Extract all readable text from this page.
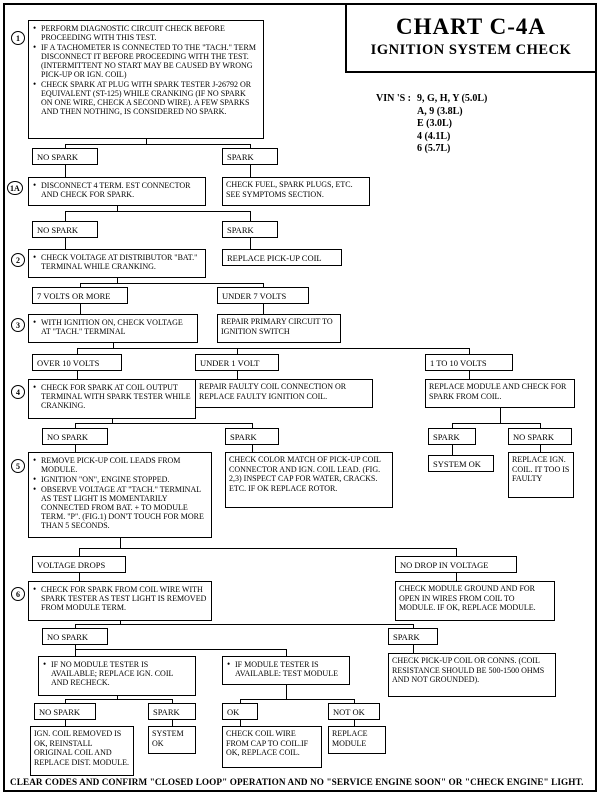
CHART C-4A
IGNITION SYSTEM CHECK
VIN 'S : 9, G, H, Y (5.0L)
A, 9 (3.8L)
E (3.0L)
4 (4.1L)
6 (5.7L)
1
1A
2
3
4
5
6
• PERFORM DIAGNOSTIC CIRCUIT CHECK BEFORE PROCEEDING WITH THIS TEST.
• IF A TACHOMETER IS CONNECTED TO THE "TACH." TERM DISCONNECT IT BEFORE PROCEEDING WITH THE TEST. (INTERMITTENT NO START MAY BE CAUSED BY WRONG PICK-UP OR IGN. COIL)
• CHECK SPARK AT PLUG WITH SPARK TESTER J-26792 OR EQUIVALENT (ST-125) WHILE CRANKING (IF NO SPARK ON ONE WIRE, CHECK A SECOND WIRE). A FEW SPARKS AND THEN NOTHING, IS CONSIDERED NO SPARK.
NO SPARK	SPARK
• DISCONNECT 4 TERM. EST CONNECTOR AND CHECK FOR SPARK.
CHECK FUEL, SPARK PLUGS, ETC. SEE SYMPTOMS SECTION.
NO SPARK	SPARK
• CHECK VOLTAGE AT DISTRIBUTOR "BAT." TERMINAL WHILE CRANKING.
REPLACE PICK-UP COIL
7 VOLTS OR MORE	UNDER 7 VOLTS
• WITH IGNITION ON, CHECK VOLTAGE AT "TACH." TERMINAL
REPAIR PRIMARY CIRCUIT TO IGNITION SWITCH
OVER 10 VOLTS	UNDER 1 VOLT	1 TO 10 VOLTS
• CHECK FOR SPARK AT COIL OUTPUT TERMINAL WITH SPARK TESTER WHILE CRANKING.
REPAIR FAULTY COIL CONNECTION OR REPLACE FAULTY IGNITION COIL.
REPLACE MODULE AND CHECK FOR SPARK FROM COIL.
NO SPARK	SPARK	SPARK	NO SPARK
• REMOVE PICK-UP COIL LEADS FROM MODULE.
• IGNITION "ON", ENGINE STOPPED.
• OBSERVE VOLTAGE AT "TACH." TERMINAL AS TEST LIGHT IS MOMENTARILY CONNECTED FROM BAT. + TO MODULE TERM. "P". (FIG.1) DON'T TOUCH FOR MORE THAN 5 SECONDS.
CHECK COLOR MATCH OF PICK-UP COIL CONNECTOR AND IGN. COIL LEAD. (FIG. 2,3) INSPECT CAP FOR WATER, CRACKS. ETC. IF OK REPLACE ROTOR.
SYSTEM OK	REPLACE IGN. COIL. IT TOO IS FAULTY
VOLTAGE DROPS	NO DROP IN VOLTAGE
• CHECK FOR SPARK FROM COIL WIRE WITH SPARK TESTER AS TEST LIGHT IS REMOVED FROM MODULE TERM.
CHECK MODULE GROUND AND FOR OPEN IN WIRES FROM COIL TO MODULE. IF OK, REPLACE MODULE.
NO SPARK	SPARK
• IF NO MODULE TESTER IS AVAILABLE; REPLACE IGN. COIL AND RECHECK.
• IF MODULE TESTER IS AVAILABLE: TEST MODULE
CHECK PICK-UP COIL OR CONNS. (COIL RESISTANCE SHOULD BE 500-1500 OHMS AND NOT GROUNDED).
NO SPARK	SPARK	OK	NOT OK
IGN. COIL REMOVED IS OK, REINSTALL ORIGINAL COIL AND REPLACE DIST. MODULE.
SYSTEM OK
CHECK COIL WIRE FROM CAP TO COIL.IF OK, REPLACE COIL.
REPLACE MODULE
CLEAR CODES AND CONFIRM "CLOSED LOOP" OPERATION AND NO "SERVICE ENGINE SOON" OR "CHECK ENGINE" LIGHT.
